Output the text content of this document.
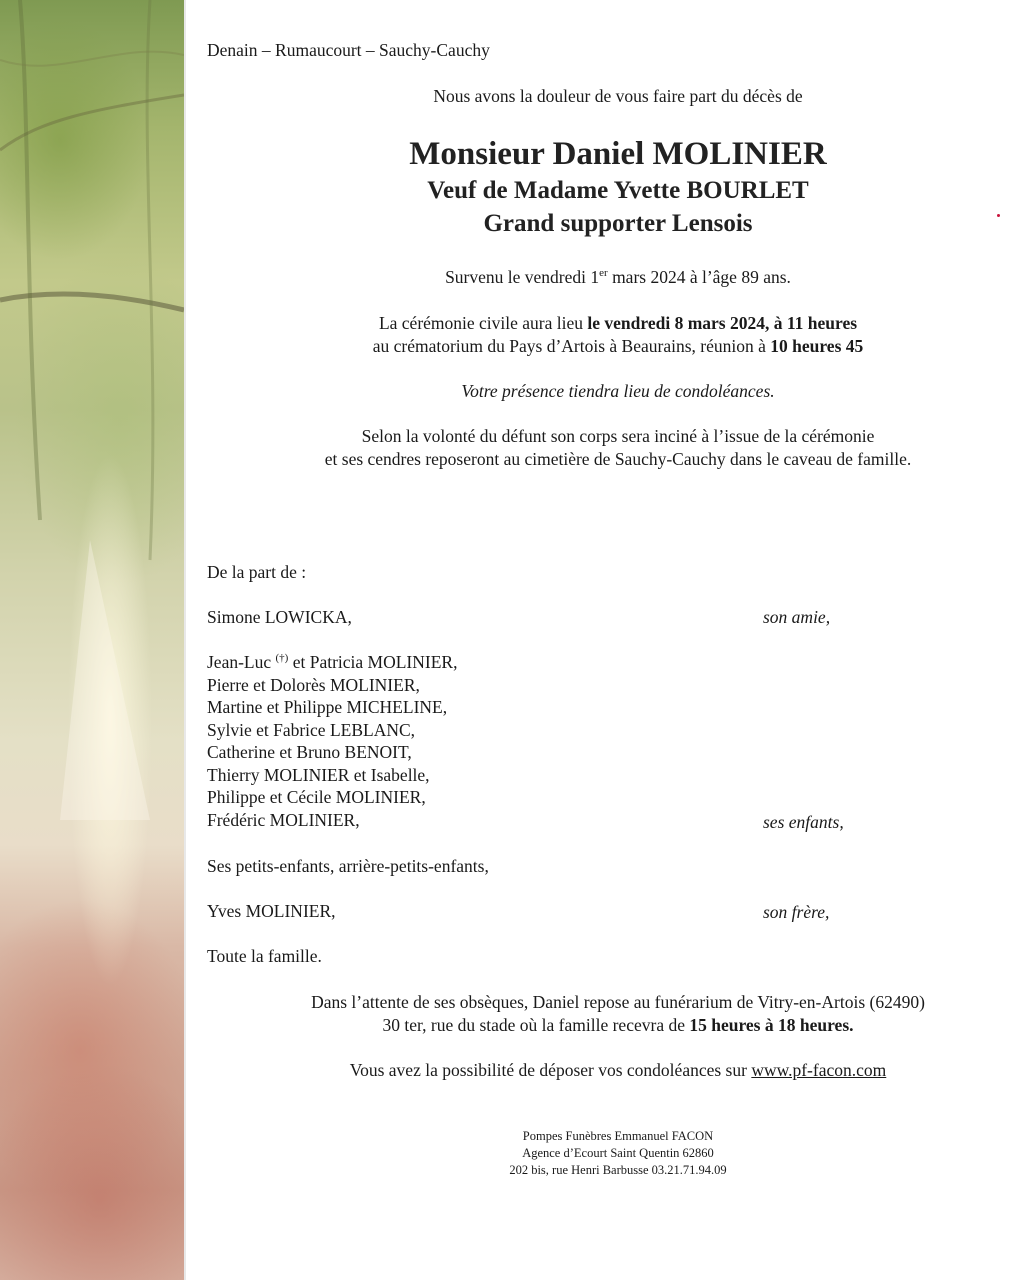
Denain – Rumaucourt – Sauchy-Cauchy
Nous avons la douleur de vous faire part du décès de
Monsieur Daniel MOLINIER
Veuf de Madame Yvette BOURLET
Grand supporter Lensois
Survenu le vendredi 1er mars 2024 à l’âge 89 ans.
La cérémonie civile aura lieu le vendredi 8 mars 2024, à 11 heures
au crématorium du Pays d’Artois à Beaurains, réunion à 10 heures 45
Votre présence tiendra lieu de condoléances.
Selon la volonté du défunt son corps sera inciné à l’issue de la cérémonie
et ses cendres reposeront au cimetière de Sauchy-Cauchy dans le caveau de famille.
De la part de :
Simone LOWICKA,	son amie,
Jean-Luc (†) et Patricia MOLINIER,
Pierre et Dolorès MOLINIER,
Martine et Philippe MICHELINE,
Sylvie et Fabrice LEBLANC,
Catherine et Bruno BENOIT,
Thierry MOLINIER et Isabelle,
Philippe et Cécile MOLINIER,
Frédéric MOLINIER,	ses enfants,
Ses petits-enfants, arrière-petits-enfants,
Yves MOLINIER,	son frère,
Toute la famille.
Dans l’attente de ses obsèques, Daniel repose au funérarium de Vitry-en-Artois (62490)
30 ter, rue du stade où la famille recevra de 15 heures à 18 heures.
Vous avez la possibilité de déposer vos condoléances sur www.pf-facon.com
Pompes Funèbres Emmanuel FACON
Agence d’Ecourt Saint Quentin 62860
202 bis, rue Henri Barbusse 03.21.71.94.09
